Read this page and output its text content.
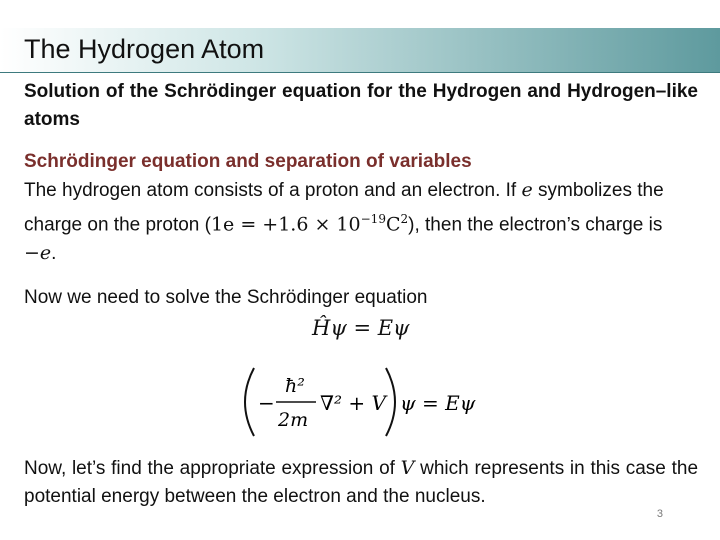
The Hydrogen Atom

Solution of the Schrödinger equation for the Hydrogen and Hydrogen–like atoms

Schrödinger equation and separation of variables

The hydrogen atom consists of a proton and an electron. If e symbolizes the charge on the proton $(1e = +1.6 \times 10^{-19}C^2)$, then the electron’s charge is −e.

Now we need to solve the Schrödinger equation

Ĥψ = Eψ
−
ħ²
2m
∇² + V ψ = Eψ

Now, let’s find the appropriate expression of V which represents in this case the potential energy between the electron and the nucleus.

3
